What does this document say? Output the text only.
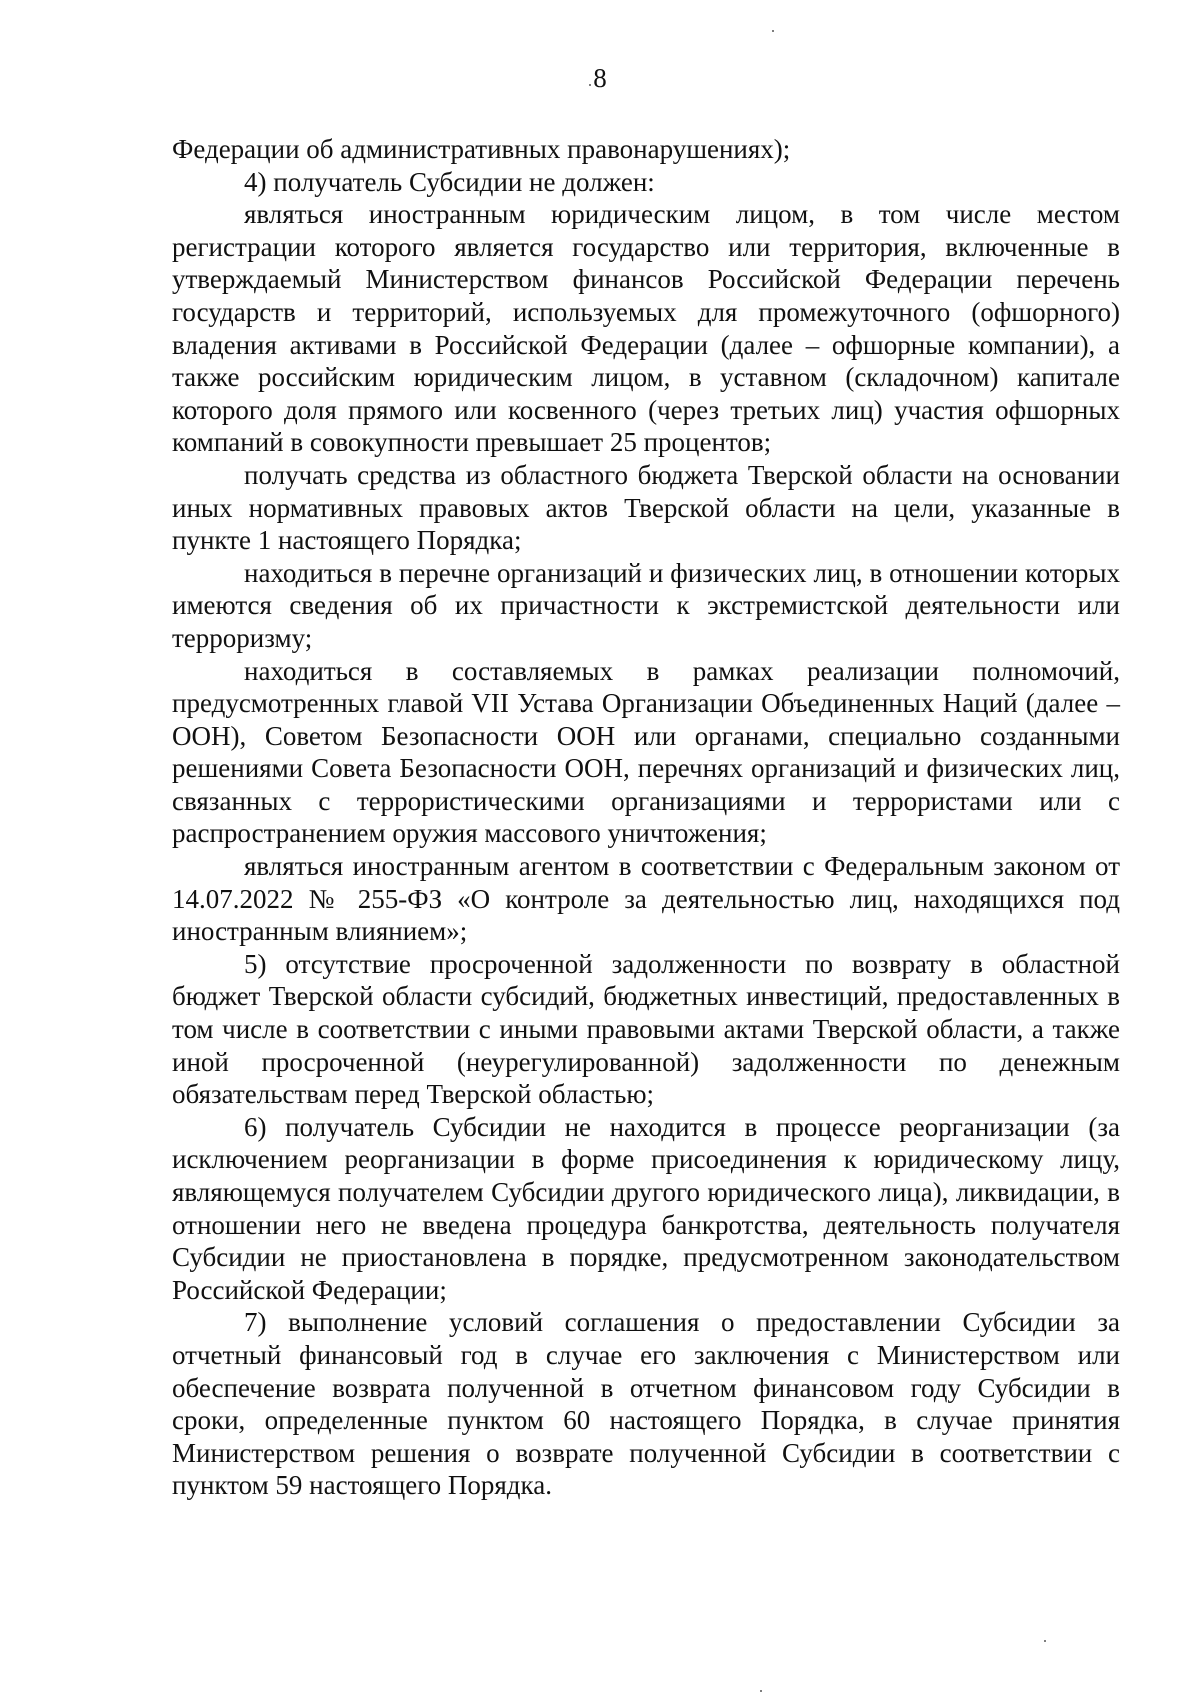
8

Федерации об административных правонарушениях);

4) получатель Субсидии не должен:

являться иностранным юридическим лицом, в том числе местом регистрации которого является государство или территория, включенные в утверждаемый Министерством финансов Российской Федерации перечень государств и территорий, используемых для промежуточного (офшорного) владения активами в Российской Федерации (далее – офшорные компании), а также российским юридическим лицом, в уставном (складочном) капитале которого доля прямого или косвенного (через третьих лиц) участия офшорных компаний в совокупности превышает 25 процентов;

получать средства из областного бюджета Тверской области на основании иных нормативных правовых актов Тверской области на цели, указанные в пункте 1 настоящего Порядка;

находиться в перечне организаций и физических лиц, в отношении которых имеются сведения об их причастности к экстремистской деятельности или терроризму;

находиться в составляемых в рамках реализации полномочий, предусмотренных главой VII Устава Организации Объединенных Наций (далее – ООН), Советом Безопасности ООН или органами, специально созданными решениями Совета Безопасности ООН, перечнях организаций и физических лиц, связанных с террористическими организациями и террористами или с распространением оружия массового уничтожения;

являться иностранным агентом в соответствии с Федеральным законом от 14.07.2022 № 255-ФЗ «О контроле за деятельностью лиц, находящихся под иностранным влиянием»;

5) отсутствие просроченной задолженности по возврату в областной бюджет Тверской области субсидий, бюджетных инвестиций, предоставленных в том числе в соответствии с иными правовыми актами Тверской области, а также иной просроченной (неурегулированной) задолженности по денежным обязательствам перед Тверской областью;

6) получатель Субсидии не находится в процессе реорганизации (за исключением реорганизации в форме присоединения к юридическому лицу, являющемуся получателем Субсидии другого юридического лица), ликвидации, в отношении него не введена процедура банкротства, деятельность получателя Субсидии не приостановлена в порядке, предусмотренном законодательством Российской Федерации;

7) выполнение условий соглашения о предоставлении Субсидии за отчетный финансовый год в случае его заключения с Министерством или обеспечение возврата полученной в отчетном финансовом году Субсидии в сроки, определенные пунктом 60 настоящего Порядка, в случае принятия Министерством решения о возврате полученной Субсидии в соответствии с пунктом 59 настоящего Порядка.
